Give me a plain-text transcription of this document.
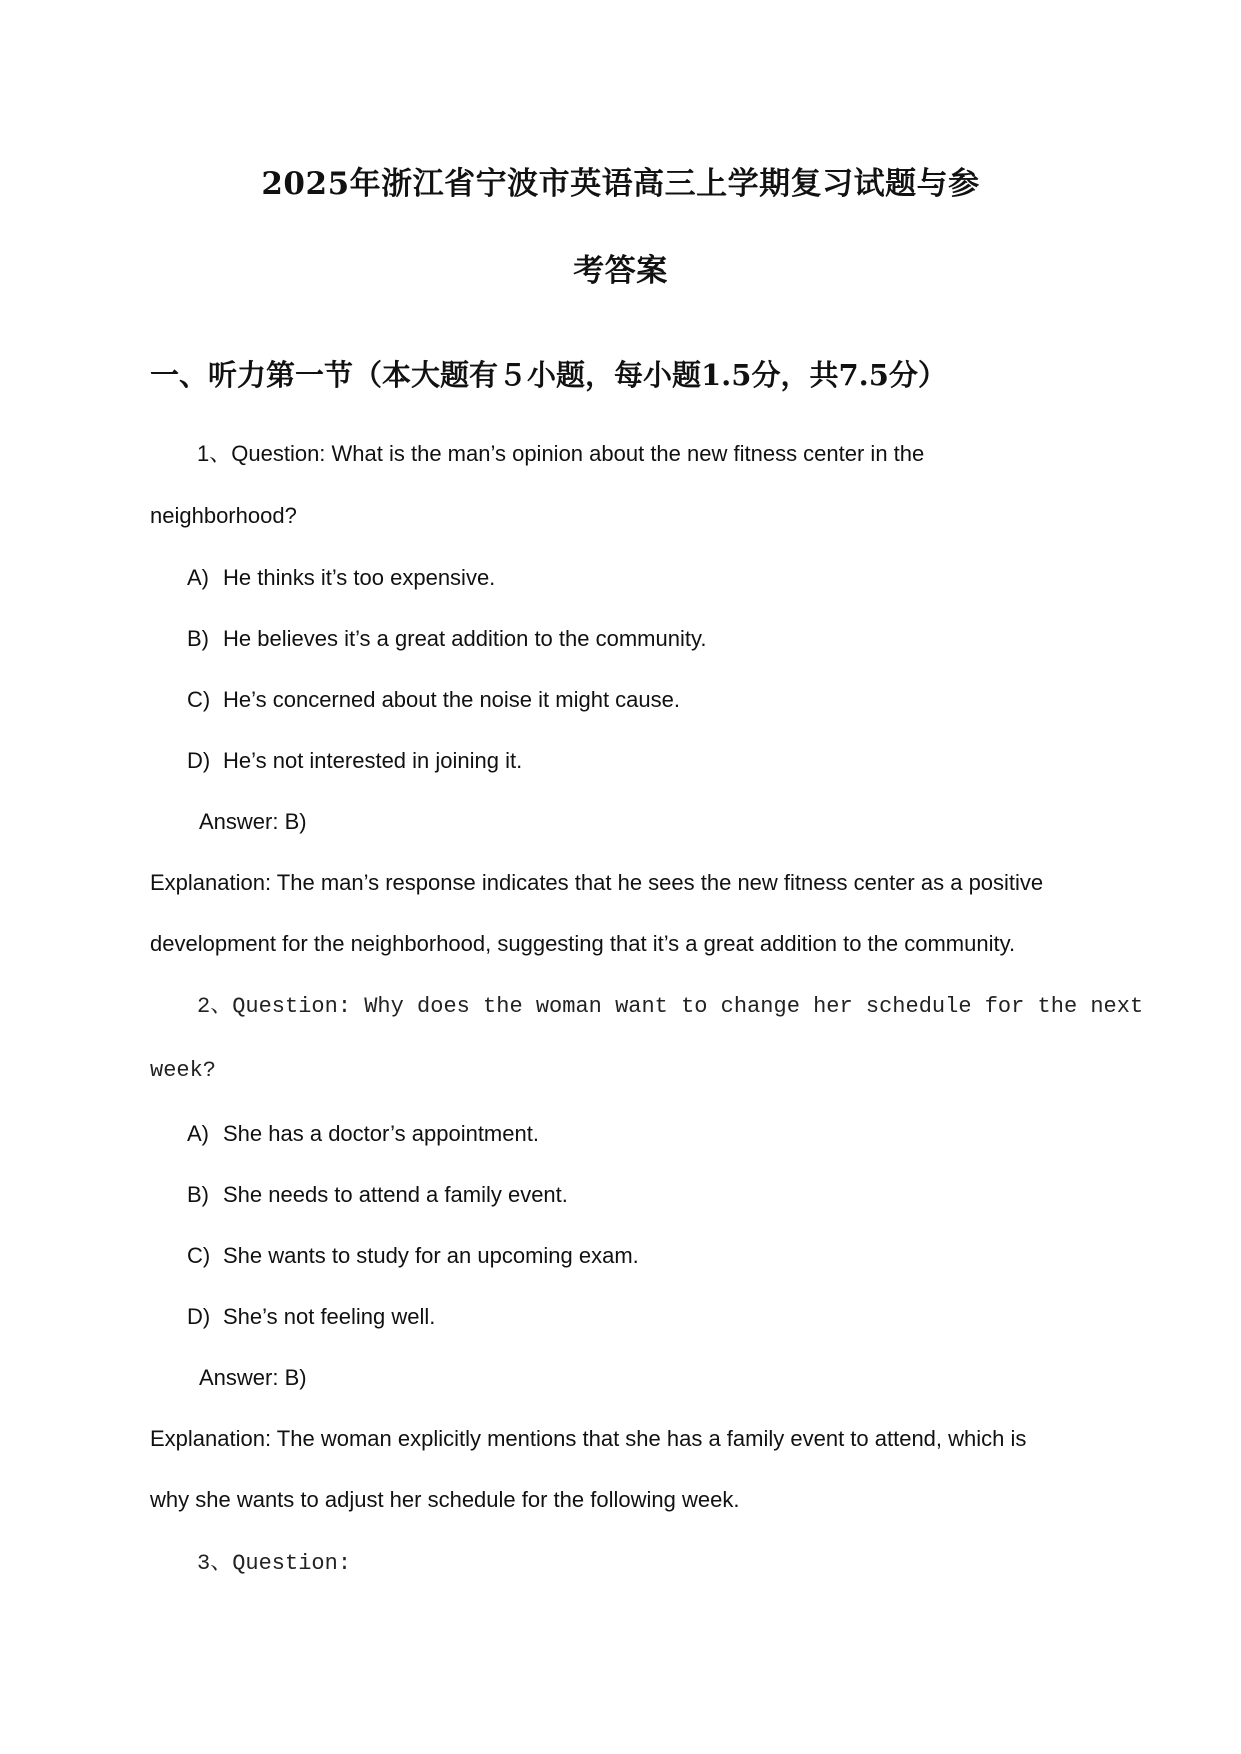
2025年浙江省宁波市英语高三上学期复习试题与参
考答案
一、听力第一节（本大题有５小题，每小题1.5分，共7.5分）
1、Question: What is the man’s opinion about the new fitness center in the
neighborhood?
A) He thinks it’s too expensive.
B) He believes it’s a great addition to the community.
C) He’s concerned about the noise it might cause.
D) He’s not interested in joining it.
Answer: B)
Explanation: The man’s response indicates that he sees the new fitness center as a positive
development for the neighborhood, suggesting that it’s a great addition to the community.
2、Question: Why does the woman want to change her schedule for the next
week?
A) She has a doctor’s appointment.
B) She needs to attend a family event.
C) She wants to study for an upcoming exam.
D) She’s not feeling well.
Answer: B)
Explanation: The woman explicitly mentions that she has a family event to attend, which is
why she wants to adjust her schedule for the following week.
3、Question:
